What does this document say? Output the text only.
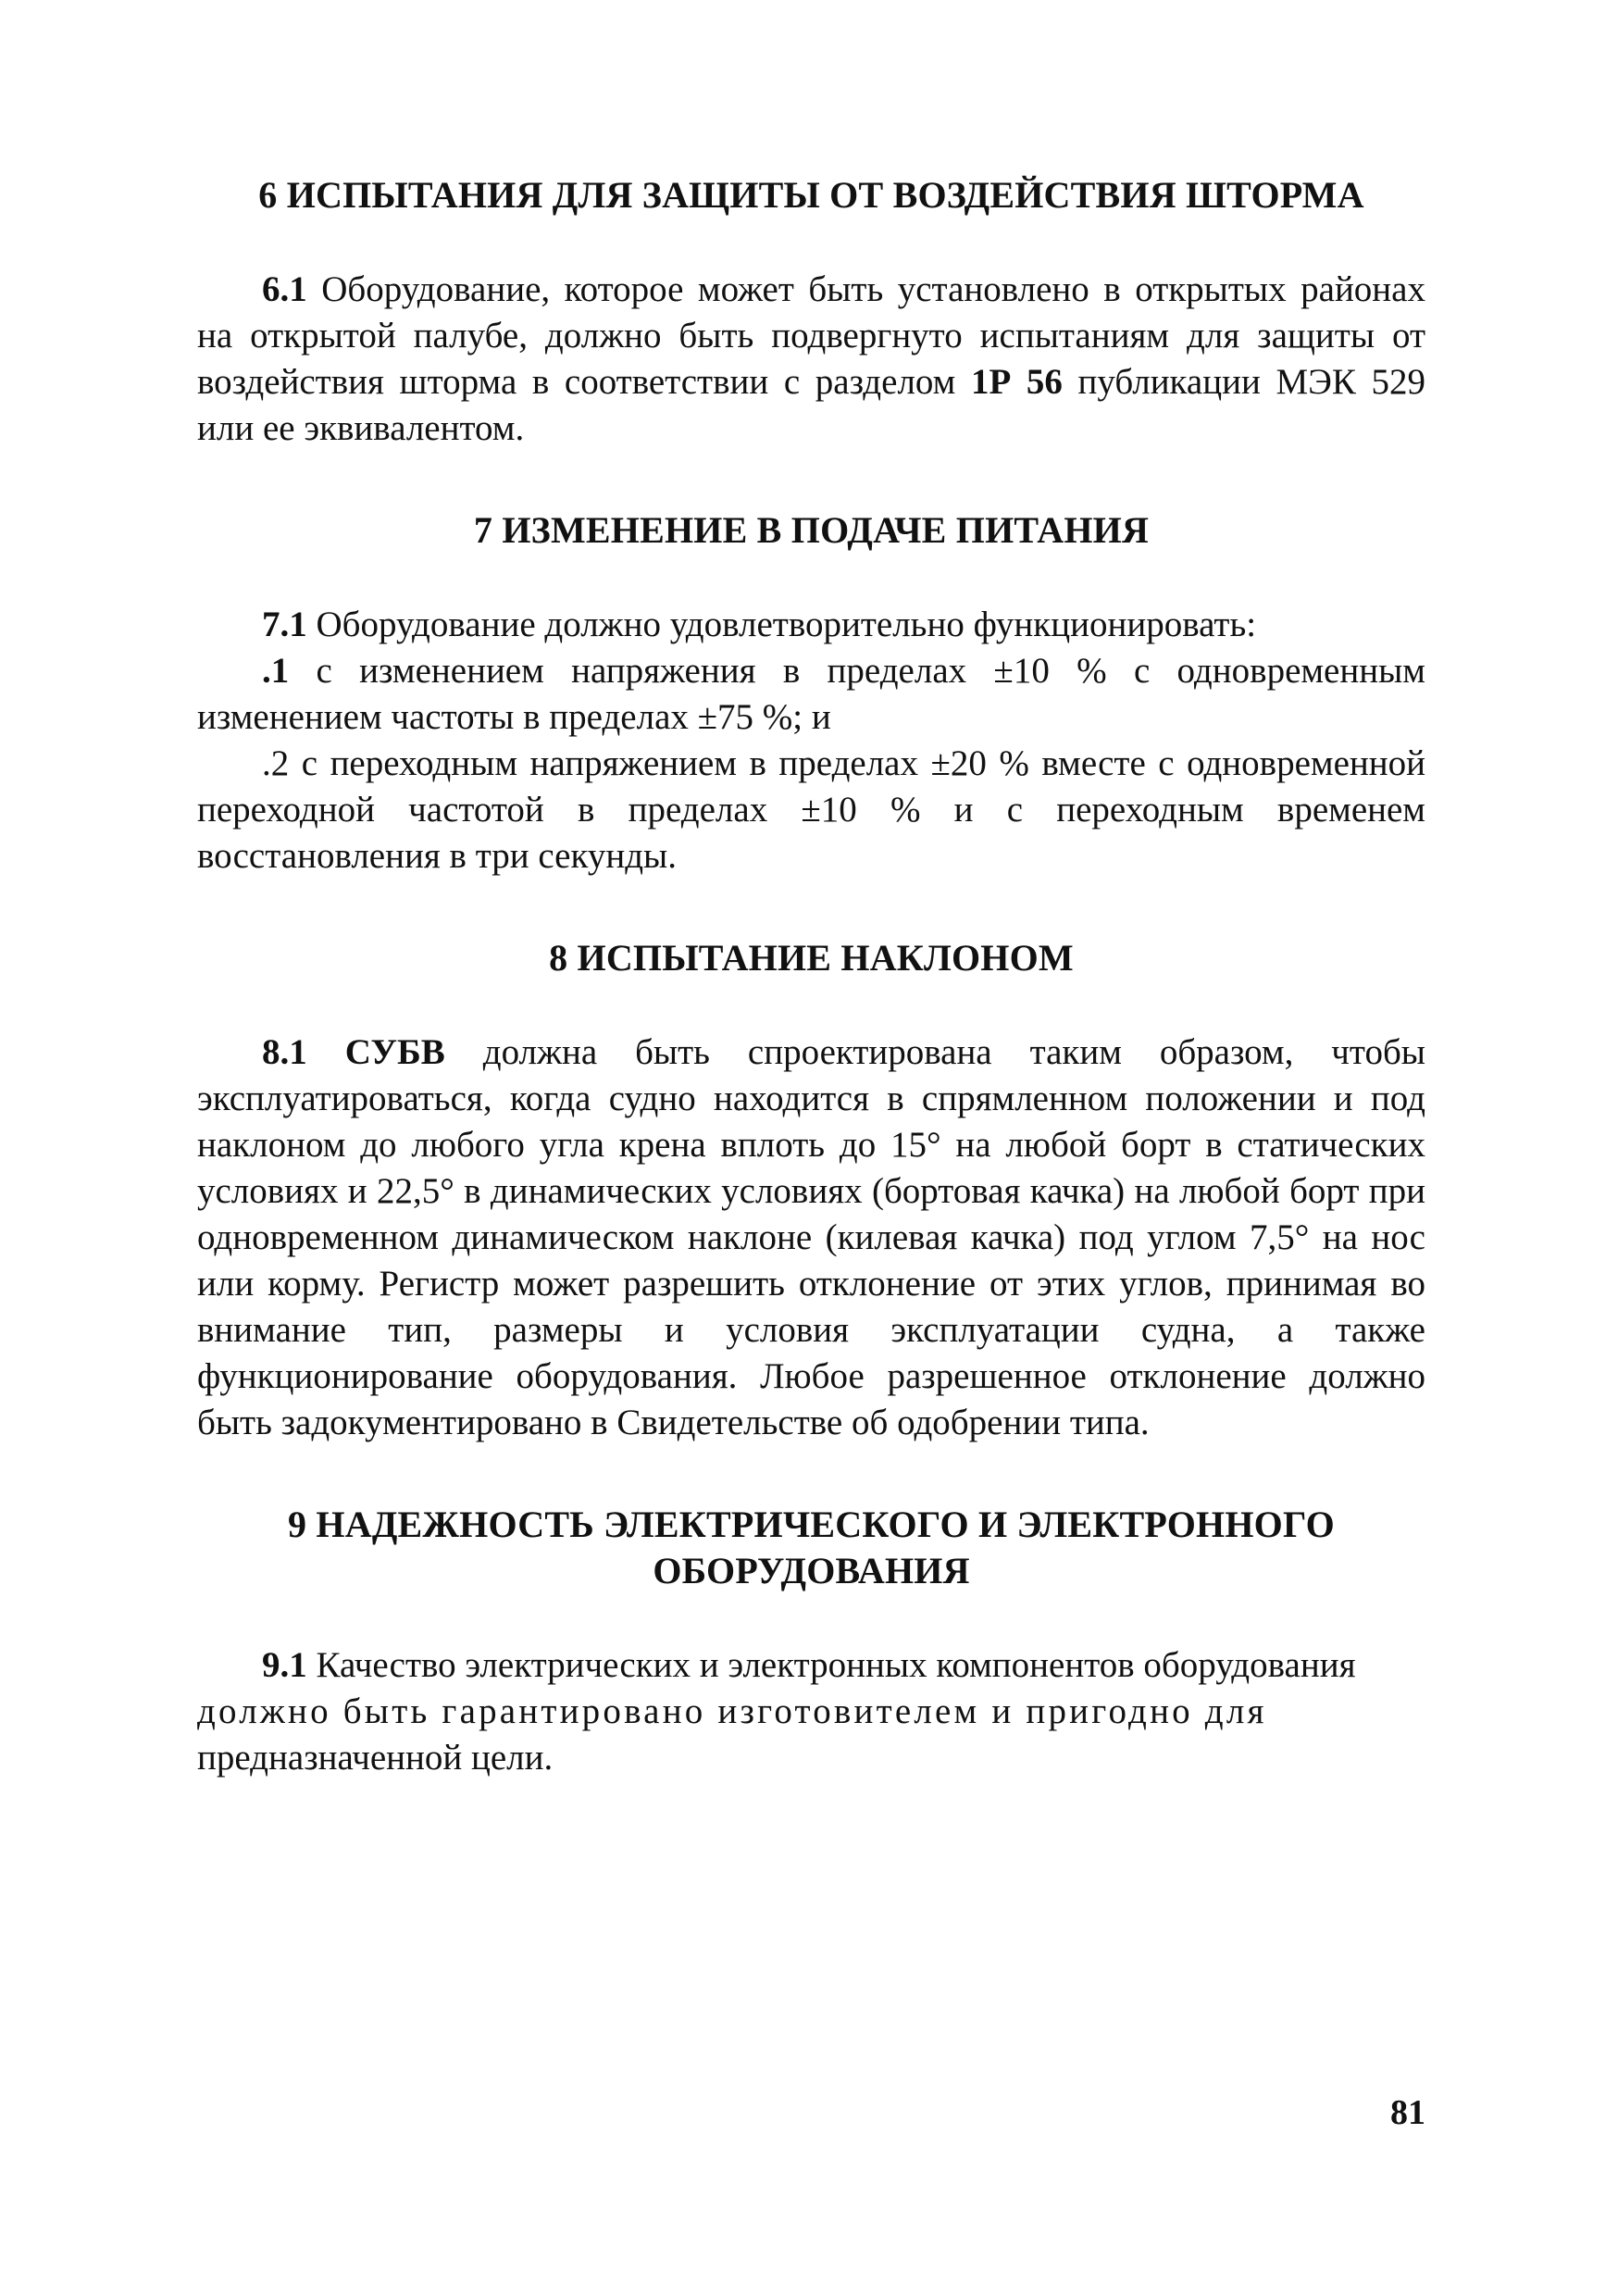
6 ИСПЫТАНИЯ ДЛЯ ЗАЩИТЫ ОТ ВОЗДЕЙСТВИЯ ШТОРМА

6.1 Оборудование, которое может быть установлено в открытых районах на открытой палубе, должно быть подвергнуто испытаниям для защиты от воздействия шторма в соответствии с разделом 1Р 56 публикации МЭК 529 или ее эквивалентом.

7 ИЗМЕНЕНИЕ В ПОДАЧЕ ПИТАНИЯ

7.1 Оборудование должно удовлетворительно функционировать:

.1 с изменением напряжения в пределах ±10 % с одновременным изменением частоты в пределах ±75 %; и

.2 с переходным напряжением в пределах ±20 % вместе с одновременной переходной частотой в пределах ±10 % и с переходным временем восстановления в три секунды.

8 ИСПЫТАНИЕ НАКЛОНОМ

8.1 СУБВ должна быть спроектирована таким образом, чтобы эксплуатироваться, когда судно находится в спрямленном положении и под наклоном до любого угла крена вплоть до 15° на любой борт в статических условиях и 22,5° в динамических условиях (бортовая качка) на любой борт при одновременном динамическом наклоне (килевая качка) под углом 7,5° на нос или корму. Регистр может разрешить отклонение от этих углов, принимая во внимание тип, размеры и условия эксплуатации судна, а также функционирование оборудования. Любое разрешенное отклонение должно быть задокументировано в Свидетельстве об одобрении типа.

9 НАДЕЖНОСТЬ ЭЛЕКТРИЧЕСКОГО И ЭЛЕКТРОННОГО
ОБОРУДОВАНИЯ

9.1 Качество электрических и электронных компонентов оборудования

должно быть гарантировано изготовителем и пригодно для

предназначенной цели.

81
